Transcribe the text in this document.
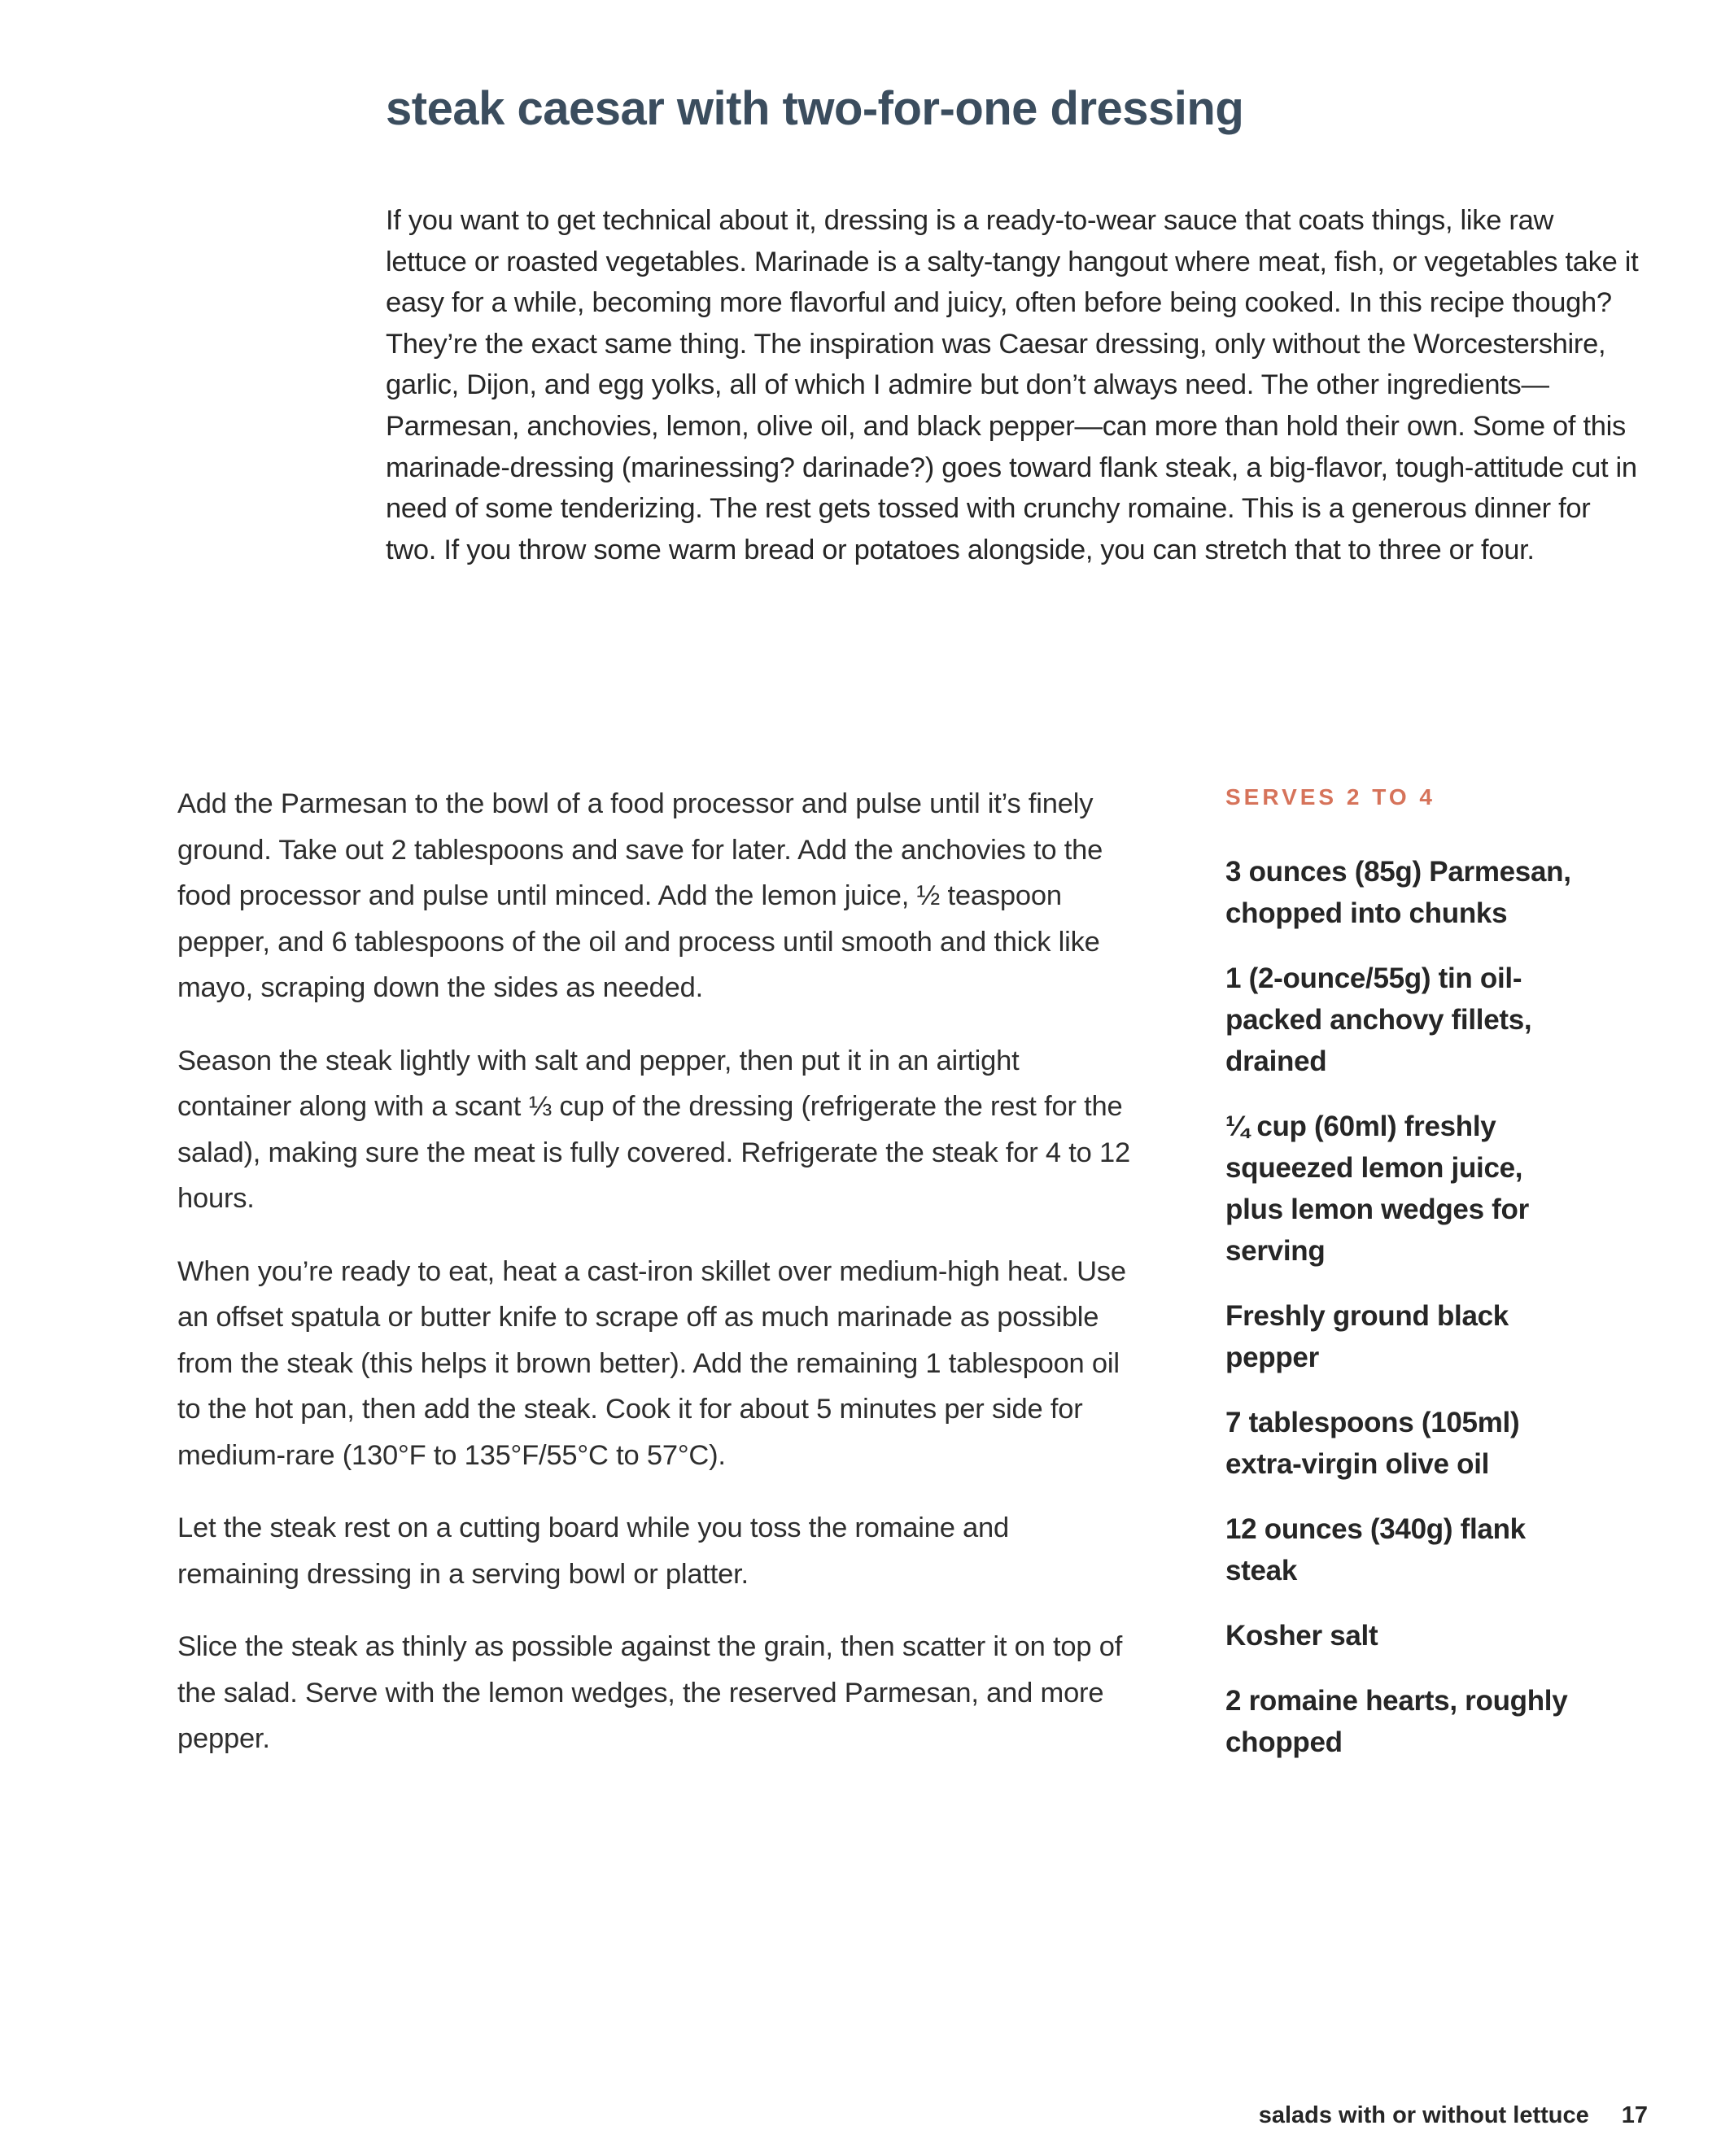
steak caesar with two-for-one dressing

If you want to get technical about it, dressing is a ready-to-wear sauce that coats things, like raw lettuce or roasted vegetables. Marinade is a salty-tangy hangout where meat, fish, or vegetables take it easy for a while, becoming more flavorful and juicy, often before being cooked. In this recipe though? They’re the exact same thing. The inspiration was Caesar dressing, only without the Worcestershire, garlic, Dijon, and egg yolks, all of which I admire but don’t always need. The other ingredients—Parmesan, anchovies, lemon, olive oil, and black pepper—can more than hold their own. Some of this marinade-dressing (marinessing? darinade?) goes toward flank steak, a big-flavor, tough-attitude cut in need of some tenderizing. The rest gets tossed with crunchy romaine. This is a generous dinner for two. If you throw some warm bread or potatoes alongside, you can stretch that to three or four.

Add the Parmesan to the bowl of a food processor and pulse until it’s finely ground. Take out 2 tablespoons and save for later. Add the anchovies to the food processor and pulse until minced. Add the lemon juice, ½ teaspoon pepper, and 6 tablespoons of the oil and process until smooth and thick like mayo, scraping down the sides as needed.

Season the steak lightly with salt and pepper, then put it in an airtight container along with a scant ⅓ cup of the dressing (refrigerate the rest for the salad), making sure the meat is fully covered. Refrigerate the steak for 4 to 12 hours.

When you’re ready to eat, heat a cast-iron skillet over medium-high heat. Use an offset spatula or butter knife to scrape off as much marinade as possible from the steak (this helps it brown better). Add the remaining 1 tablespoon oil to the hot pan, then add the steak. Cook it for about 5 minutes per side for medium-rare (130°F to 135°F/55°C to 57°C).

Let the steak rest on a cutting board while you toss the romaine and remaining dressing in a serving bowl or platter.

Slice the steak as thinly as possible against the grain, then scatter it on top of the salad. Serve with the lemon wedges, the reserved Parmesan, and more pepper.

SERVES 2 TO 4
3 ounces (85g) Parmesan, chopped into chunks
1 (2-ounce/55g) tin oil-packed anchovy fillets, drained
¼ cup (60ml) freshly squeezed lemon juice, plus lemon wedges for serving
Freshly ground black pepper
7 tablespoons (105ml) extra-virgin olive oil
12 ounces (340g) flank steak
Kosher salt
2 romaine hearts, roughly chopped
salads with or without lettuce 17
